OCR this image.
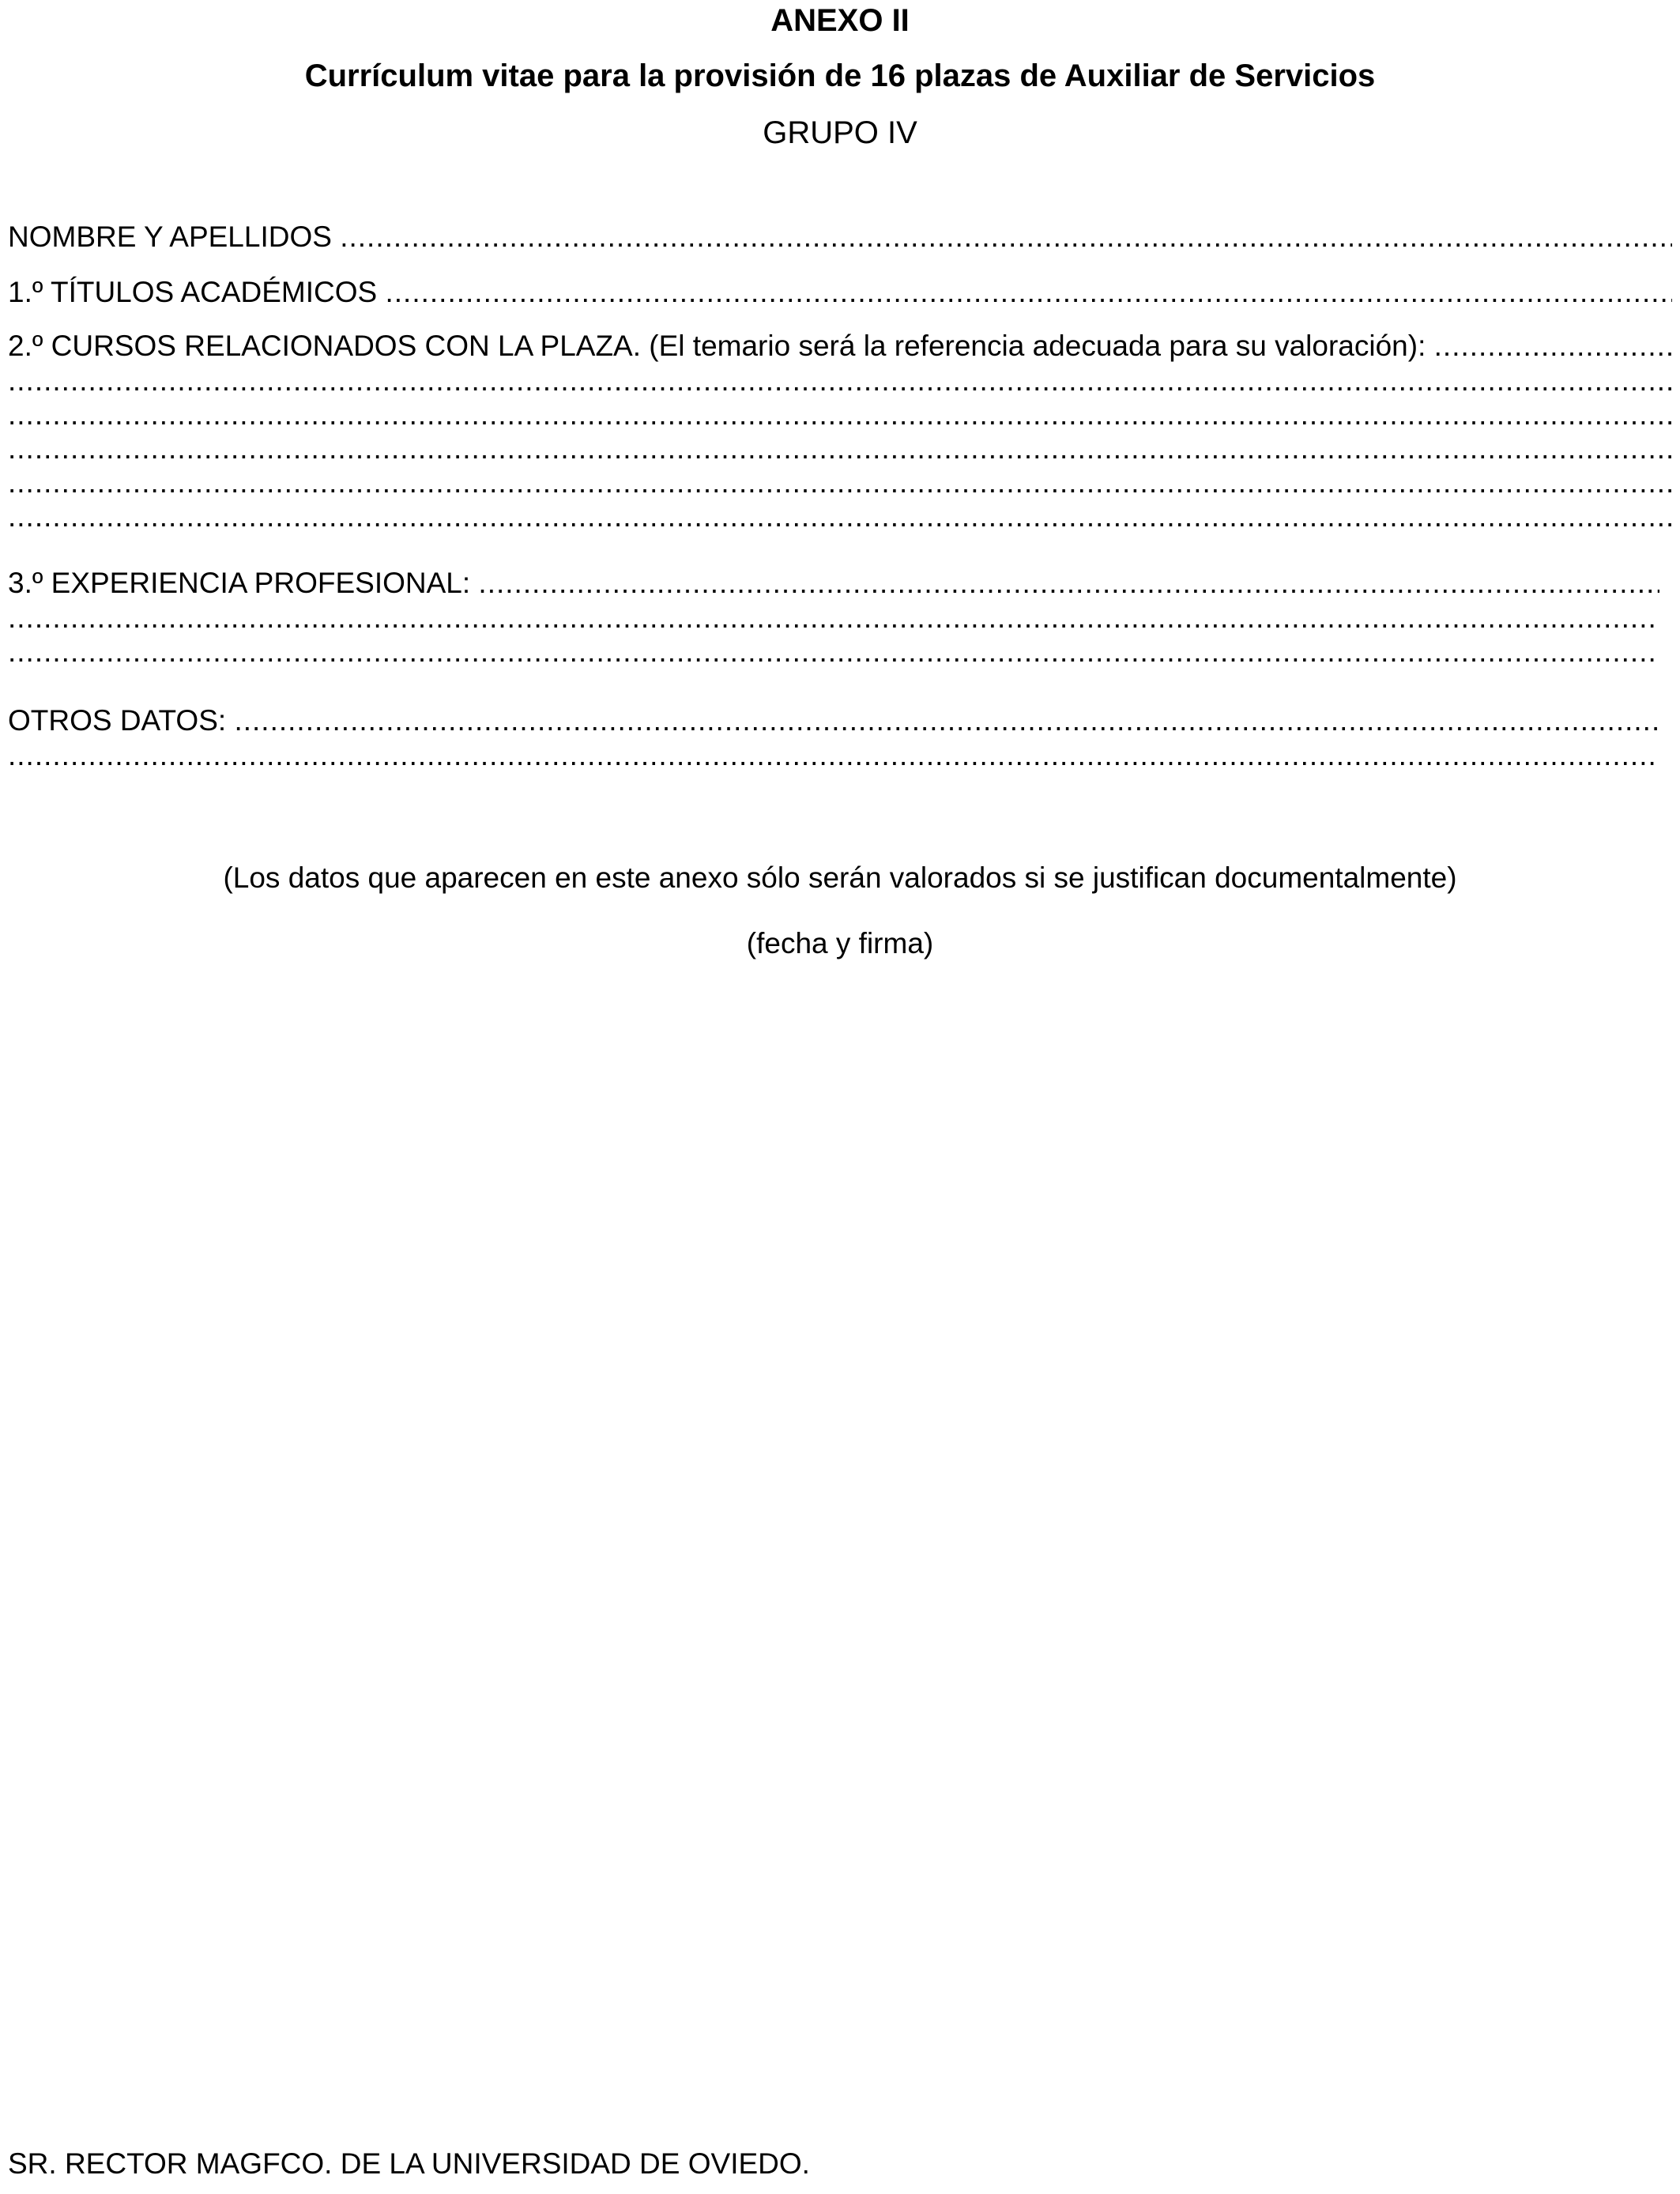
ANEXO II
Currículum vitae para la provisión de 16 plazas de Auxiliar de Servicios
GRUPO IV
NOMBRE Y APELLIDOS
.....
1.º TÍTULOS ACADÉMICOS
.....
2.º CURSOS RELACIONADOS CON LA PLAZA. (El temario será la referencia adecuada para su valoración):
.....
.....
.....
.....
.....
.....
3.º EXPERIENCIA PROFESIONAL:
.....
.....
.....
OTROS DATOS:
.....
.....
(Los datos que aparecen en este anexo sólo serán valorados si se justifican documentalmente)
(fecha y firma)
SR. RECTOR MAGFCO. DE LA UNIVERSIDAD DE OVIEDO.
